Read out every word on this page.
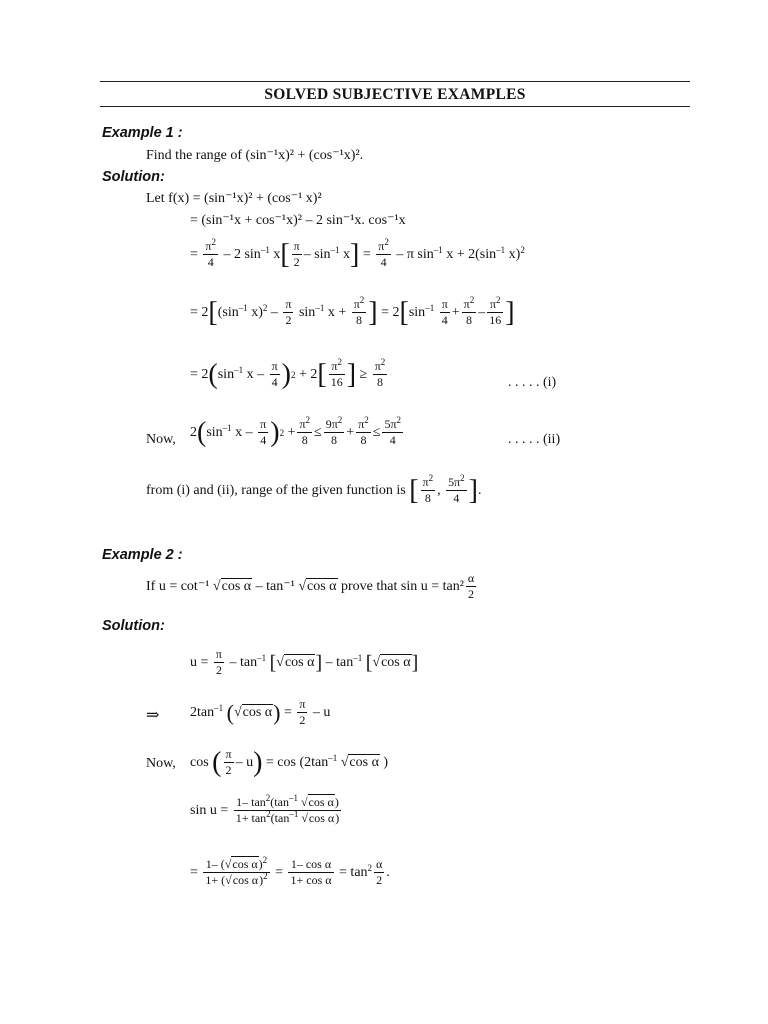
SOLVED SUBJECTIVE EXAMPLES
Example 1 :
Find the range of (sin⁻¹x)² + (cos⁻¹x)².
Solution:
Let f(x) = (sin⁻¹x)² + (cos⁻¹ x)²
= (sin⁻¹x + cos⁻¹x)² – 2 sin⁻¹x. cos⁻¹x
= $\frac{\pi^2}{4} - 2$ $\sin^{-1} x$ [ π
2
– $\sin^{-1} x$ ] = $\frac{\pi^2}{4}$ – π $\sin^{-1} x + 2(\sin^{-1}$ x)$^2$
= 2 [ ($\sin^{-1}$ x)$^2$ –
π
2
$\sin^{-1} x + \frac{\pi^2}{8}$ ] = 2 [ $\sin^{-1} \pi$
4
+ $\frac{\pi^2}{8}$ –
$\pi^2$
16 ]
= 2 ( $\sin^{-1} x$ –
π
4 ) 2 + 2 [ $\pi^2$
16 ] ≥ $\frac{\pi^2}{8}$	. . . . . (i)
Now, 2 ( $\sin^{-1} x$ –
π
4 ) $2 + \frac{\pi^2}{8} \le \frac{9\pi^2}{8} + \frac{\pi^2}{8} \le \frac{5\pi^2}{4}$	. . . . . (ii)
from (i) and (ii), range of the given function is
[ $\pi^2$
8
,
$5\pi^2$
4 ] .
Example 2 :
If u = cot⁻¹ √cos α – tan⁻¹ √cos α prove that sin u = tan²
α
2
Solution:
$u = \frac{\pi}{2} - \tan^{-1}$ [ √cos α ] – $\tan^{-1}$ [ √cos α ]
⇒ $2\tan^{-1}$ ( √cos α ) = $\frac{\pi}{2}$ – u
Now, cos ( π
2
– u ) = $\cos (2\tan^{-1}$ √cos α )
$\sin u = \frac{1- \tan^2(\tan^{-1} √\cos \alpha)}{1+ \tan^2(\tan^{-1} √\cos \alpha)}$
= $\frac{1- (√\cos \alpha)^2}{1+ (√\cos \alpha)^2} = \frac{\text{1– cos α}}{\text{1+ cos α}} = \tan^2 \alpha$
2
.
